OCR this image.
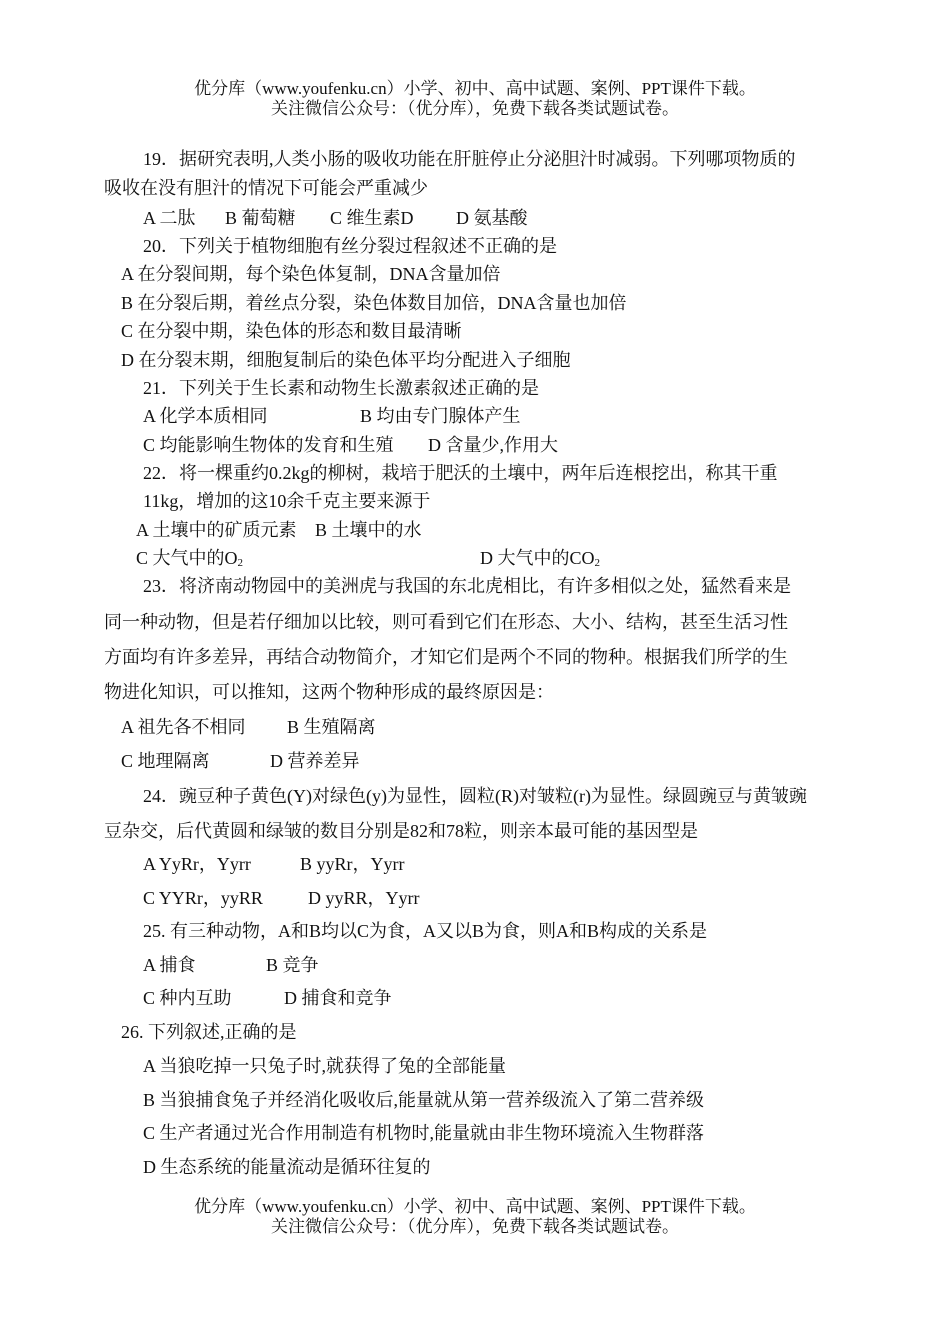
优分库（www.youfenku.cn）小学、初中、高中试题、案例、PPT课件下载。
关注微信公众号：（优分库），免费下载各类试题试卷。
19．据研究表明,人类小肠的吸收功能在肝脏停止分泌胆汁时减弱。下列哪项物质的
吸收在没有胆汁的情况下可能会严重减少
A 二肽 B 葡萄糖 C 维生素D D 氨基酸
20．下列关于植物细胞有丝分裂过程叙述不正确的是
A 在分裂间期，每个染色体复制，DNA含量加倍
B 在分裂后期，着丝点分裂，染色体数目加倍，DNA含量也加倍
C 在分裂中期，染色体的形态和数目最清晰
D 在分裂末期，细胞复制后的染色体平均分配进入子细胞
21．下列关于生长素和动物生长激素叙述正确的是
A 化学本质相同	B 均由专门腺体产生
C 均能影响生物体的发育和生殖 D 含量少,作用大
22．将一棵重约0.2kg的柳树，栽培于肥沃的土壤中，两年后连根挖出，称其干重
11kg，增加的这10余千克主要来源于
A 土壤中的矿质元素 B 土壤中的水
C 大气中的$O_2$	D 大气中的$CO_2$
23．将济南动物园中的美洲虎与我国的东北虎相比，有许多相似之处，猛然看来是
同一种动物，但是若仔细加以比较，则可看到它们在形态、大小、结构，甚至生活习性
方面均有许多差异，再结合动物简介，才知它们是两个不同的物种。根据我们所学的生
物进化知识，可以推知，这两个物种形成的最终原因是：
A 祖先各不相同 B 生殖隔离
C 地理隔离	D 营养差异
24．豌豆种子黄色(Y)对绿色(y)为显性，圆粒(R)对皱粒(r)为显性。绿圆豌豆与黄皱豌
豆杂交，后代黄圆和绿皱的数目分别是82和78粒，则亲本最可能的基因型是
A YyRr，Yyrr	B yyRr，Yyrr
C YYRr，yyRR	D yyRR，Yyrr
25. 有三种动物，A和B均以C为食，A又以B为食，则A和B构成的关系是
A 捕食	B 竞争
C 种内互助	D 捕食和竞争
26. 下列叙述,正确的是
A 当狼吃掉一只兔子时,就获得了兔的全部能量
B 当狼捕食兔子并经消化吸收后,能量就从第一营养级流入了第二营养级
C 生产者通过光合作用制造有机物时,能量就由非生物环境流入生物群落
D 生态系统的能量流动是循环往复的
优分库（www.youfenku.cn）小学、初中、高中试题、案例、PPT课件下载。
关注微信公众号：（优分库），免费下载各类试题试卷。
